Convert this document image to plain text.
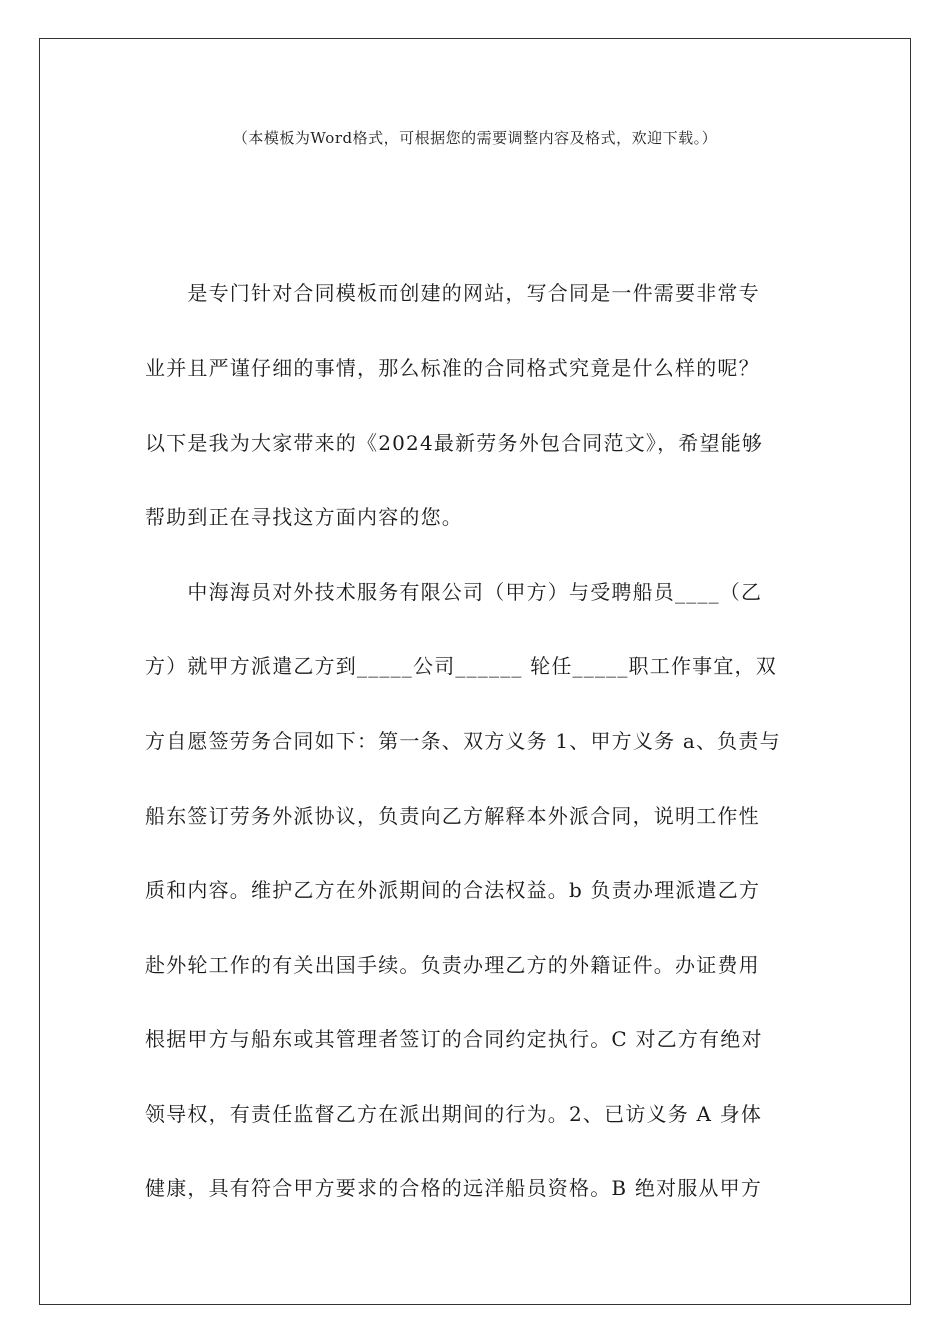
（本模板为Word格式，可根据您的需要调整内容及格式，欢迎下载。）
　　是专门针对合同模板而创建的网站，写合同是一件需要非常专
业并且严谨仔细的事情，那么标准的合同格式究竟是什么样的呢？
以下是我为大家带来的《2024最新劳务外包合同范文》，希望能够
帮助到正在寻找这方面内容的您。
　　中海海员对外技术服务有限公司（甲方）与受聘船员____（乙
方）就甲方派遣乙方到_____公司______ 轮任_____职工作事宜，双
方自愿签劳务合同如下：第一条、双方义务 1、甲方义务 a、负责与
船东签订劳务外派协议，负责向乙方解释本外派合同，说明工作性
质和内容。维护乙方在外派期间的合法权益。b 负责办理派遣乙方
赴外轮工作的有关出国手续。负责办理乙方的外籍证件。办证费用
根据甲方与船东或其管理者签订的合同约定执行。C 对乙方有绝对
领导权，有责任监督乙方在派出期间的行为。2、已访义务 A 身体
健康，具有符合甲方要求的合格的远洋船员资格。B 绝对服从甲方
